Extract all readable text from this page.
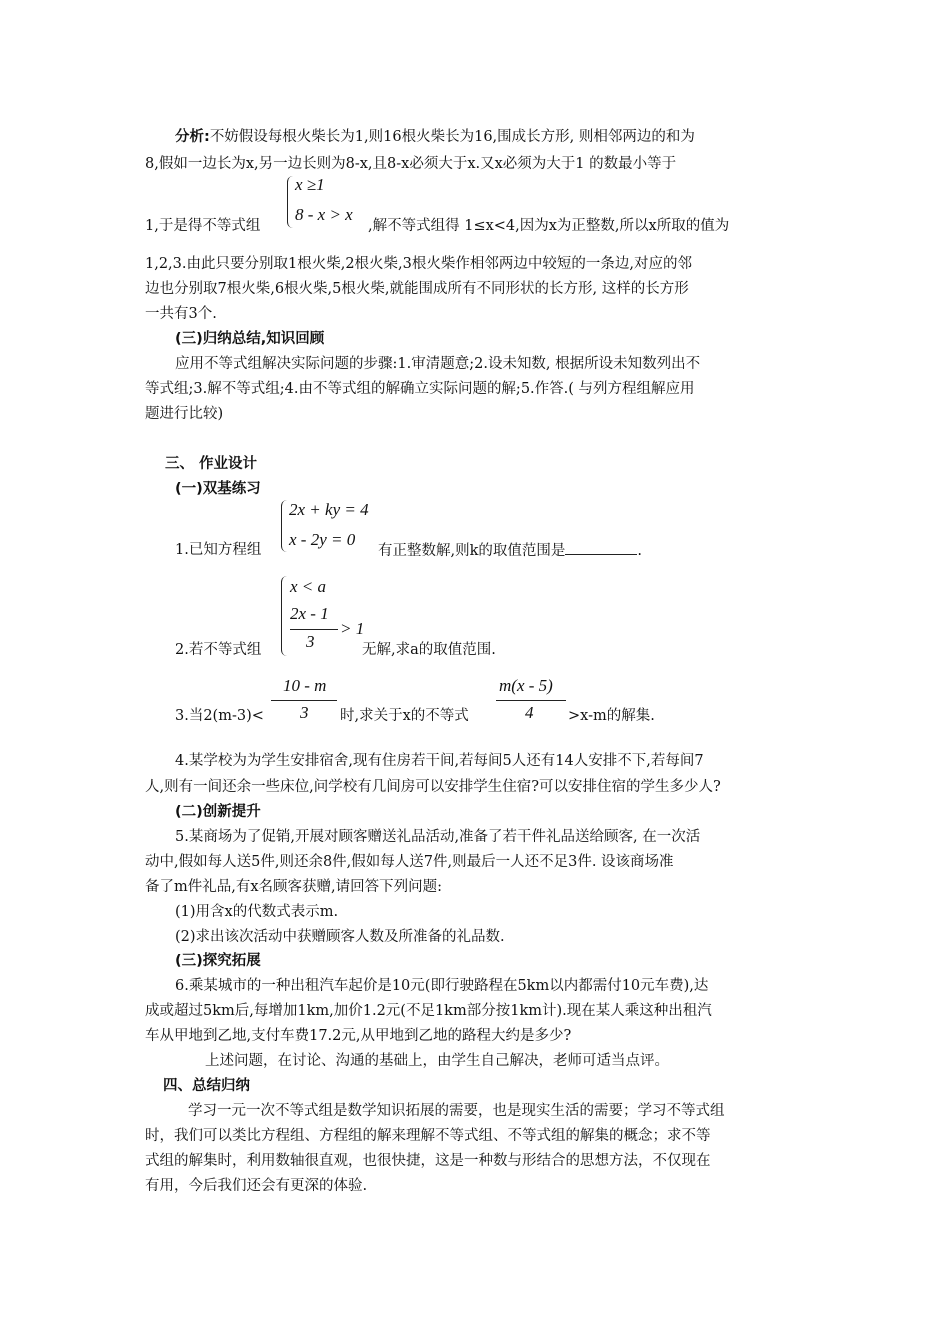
分析:不妨假设每根火柴长为1,则16根火柴长为16,围成长方形, 则相邻两边的和为
8,假如一边长为x,另一边长则为8-x,且8-x必须大于x.又x必须为大于1 的数最小等于
x ≥1
8 - x > x
1,于是得不等式组	,解不等式组得 1≤x<4,因为x为正整数,所以x所取的值为
1,2,3.由此只要分别取1根火柴,2根火柴,3根火柴作相邻两边中较短的一条边,对应的邻
边也分别取7根火柴,6根火柴,5根火柴,就能围成所有不同形状的长方形, 这样的长方形
一共有3个.
(三)归纳总结,知识回顾
应用不等式组解决实际问题的步骤:1.审清题意;2.设未知数, 根据所设未知数列出不
等式组;3.解不等式组;4.由不等式组的解确立实际问题的解;5.作答.( 与列方程组解应用
题进行比较)
三、 作业设计
(一)双基练习
2x + ky = 4
x - 2y = 0
1.已知方程组	有正整数解,则k的取值范围是	.
x < a
2x - 1
3
> 1
2.若不等式组	无解,求a的取值范围.
3.当2(m-3)<
10 - m
3 时,求关于x的不等式
m(x - 5)
4 >x-m的解集.
4.某学校为为学生安排宿舍,现有住房若干间,若每间5人还有14人安排不下,若每间7
人,则有一间还余一些床位,问学校有几间房可以安排学生住宿?可以安排住宿的学生多少人?
(二)创新提升
5.某商场为了促销,开展对顾客赠送礼品活动,准备了若干件礼品送给顾客, 在一次活
动中,假如每人送5件,则还余8件,假如每人送7件,则最后一人还不足3件. 设该商场准
备了m件礼品,有x名顾客获赠,请回答下列问题:
(1)用含x的代数式表示m.
(2)求出该次活动中获赠顾客人数及所准备的礼品数.
(三)探究拓展
6.乘某城市的一种出租汽车起价是10元(即行驶路程在5km以内都需付10元车费),达
成或超过5km后,每增加1km,加价1.2元(不足1km部分按1km计).现在某人乘这种出租汽
车从甲地到乙地,支付车费17.2元,从甲地到乙地的路程大约是多少?
上述问题，在讨论、沟通的基础上，由学生自己解决，老师可适当点评。
四、总结归纳
学习一元一次不等式组是数学知识拓展的需要，也是现实生活的需要；学习不等式组
时，我们可以类比方程组、方程组的解来理解不等式组、不等式组的解集的概念；求不等
式组的解集时，利用数轴很直观，也很快捷，这是一种数与形结合的思想方法，不仅现在
有用，今后我们还会有更深的体验.
